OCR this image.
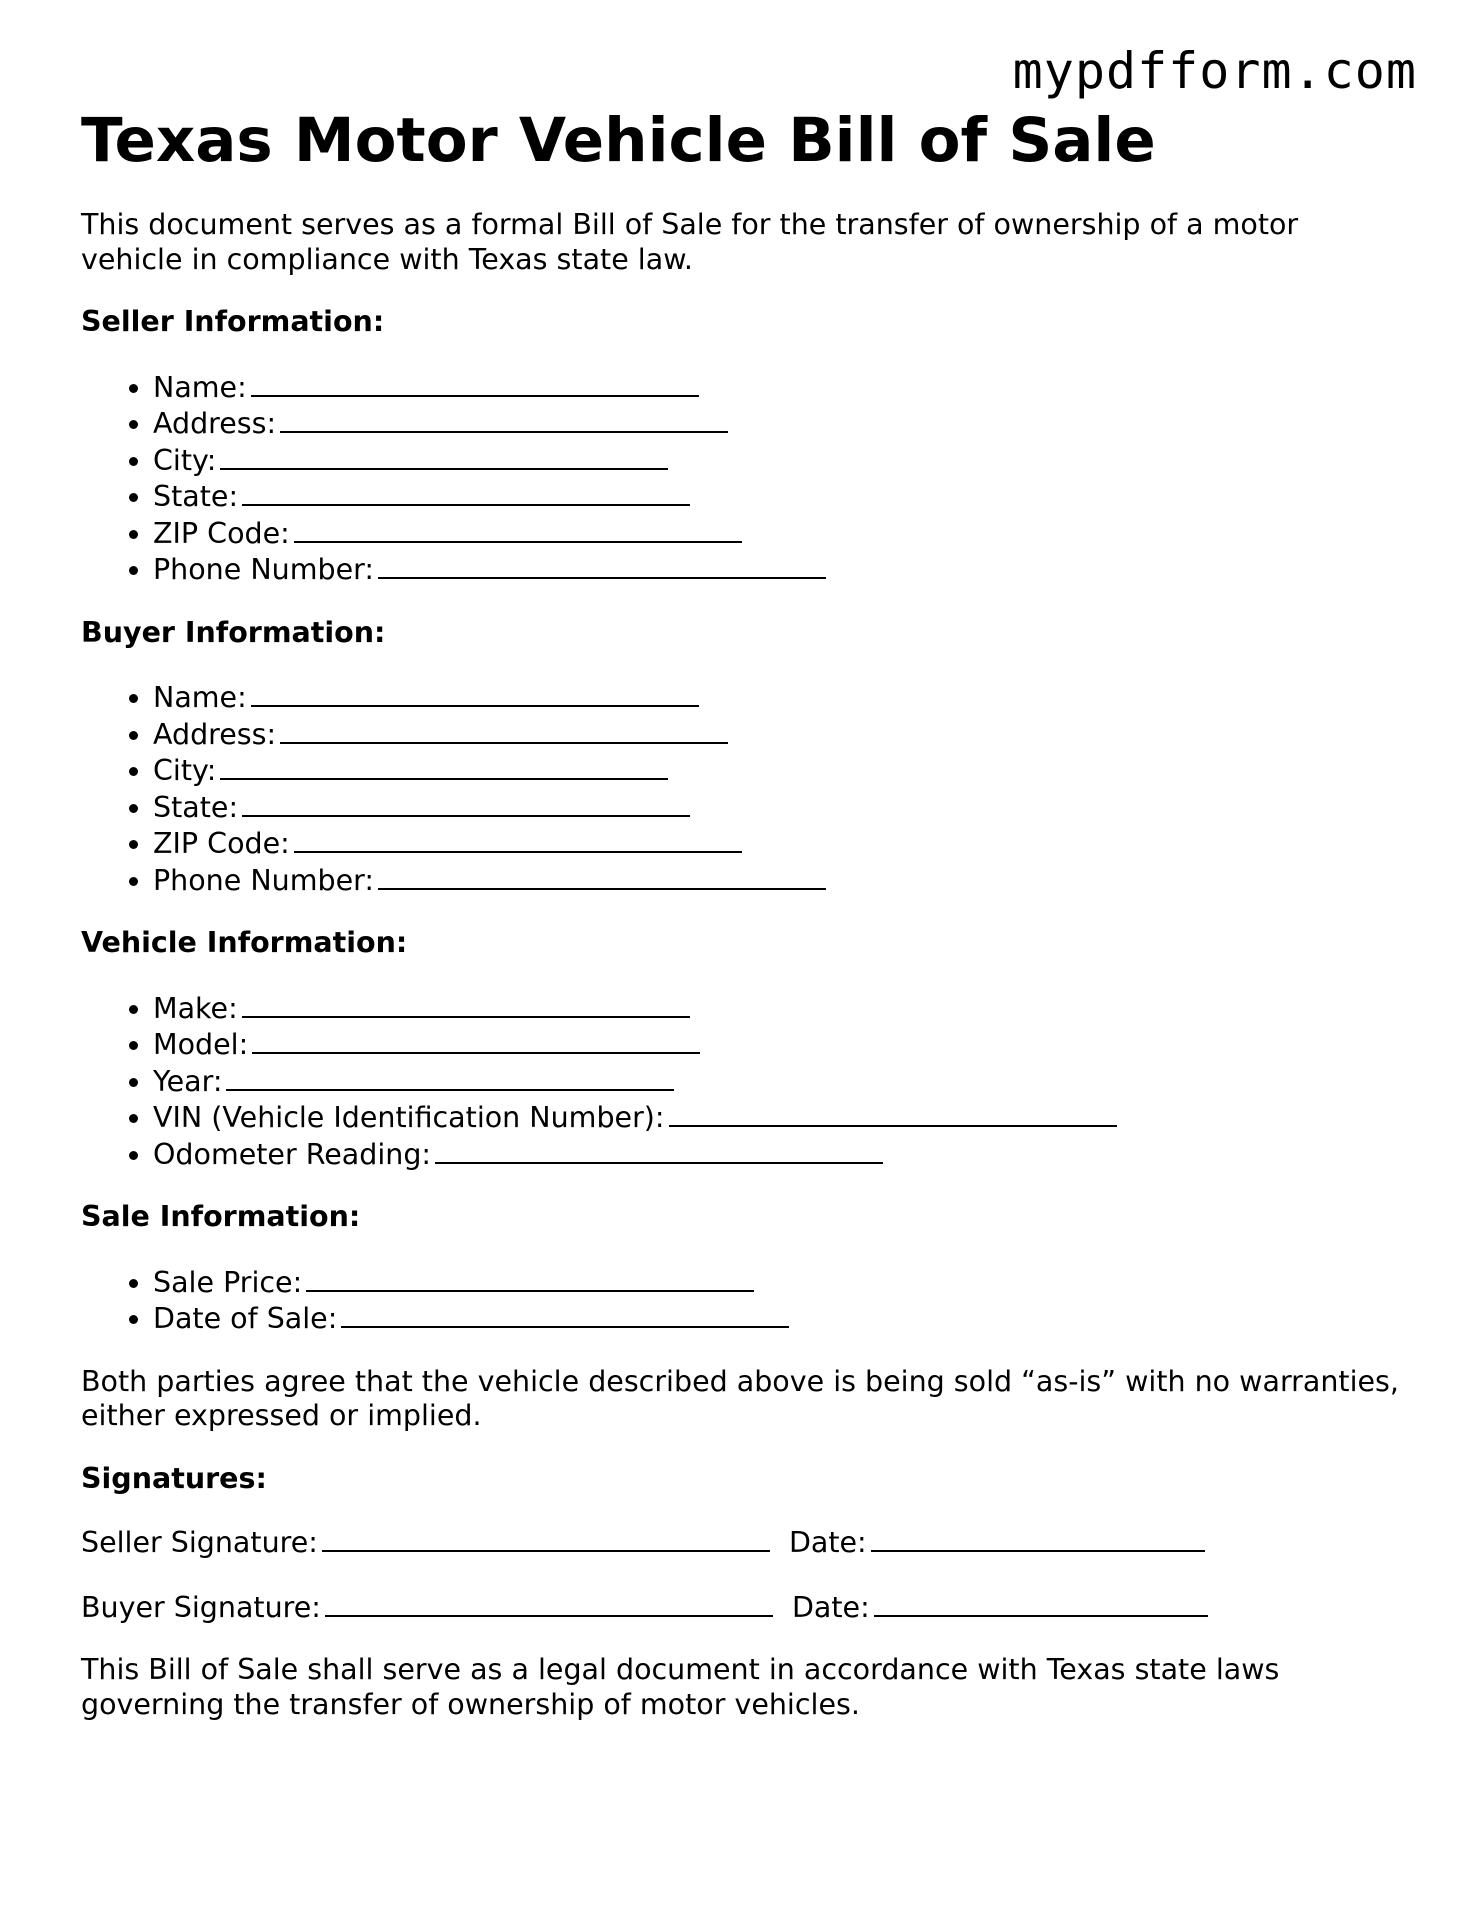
mypdfform.com
Texas Motor Vehicle Bill of Sale

This document serves as a formal Bill of Sale for the transfer of ownership of a motor vehicle in compliance with Texas state law.

Seller Information:
• Name:
• Address:
• City:
• State:
• ZIP Code:
• Phone Number:
Buyer Information:
• Name:
• Address:
• City:
• State:
• ZIP Code:
• Phone Number:
Vehicle Information:
• Make:
• Model:
• Year:
• VIN (Vehicle Identification Number):
• Odometer Reading:
Sale Information:
• Sale Price:
• Date of Sale:

Both parties agree that the vehicle described above is being sold “as-is” with no warranties, either expressed or implied.

Signatures:

Seller Signature:	Date:

Buyer Signature:	Date:

This Bill of Sale shall serve as a legal document in accordance with Texas state laws governing the transfer of ownership of motor vehicles.
